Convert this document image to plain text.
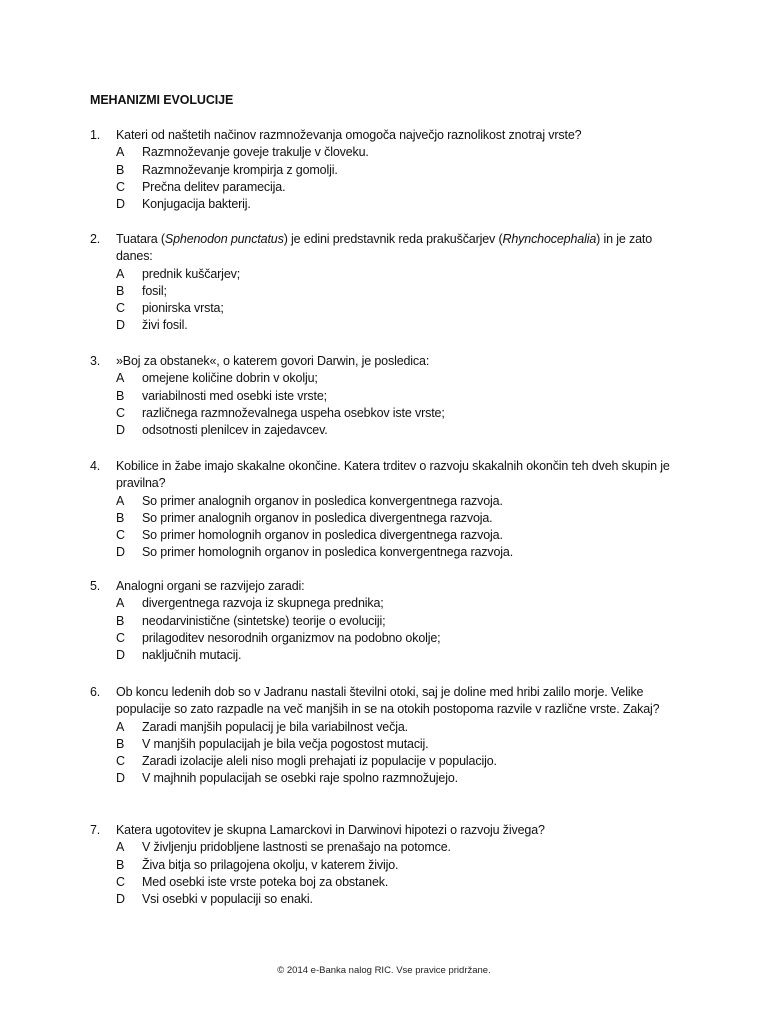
MEHANIZMI EVOLUCIJE
1. Kateri od naštetih načinov razmnoževanja omogoča največjo raznolikost znotraj vrste?
A Razmnoževanje goveje trakulje v človeku.
B Razmnoževanje krompirja z gomolji.
C Prečna delitev paramecija.
D Konjugacija bakterij.
2. Tuatara (Sphenodon punctatus) je edini predstavnik reda prakuščarjev (Rhynchocephalia) in je zato danes:
A prednik kuščarjev;
B fosil;
C pionirska vrsta;
D živi fosil.
3. »Boj za obstanek«, o katerem govori Darwin, je posledica:
A omejene količine dobrin v okolju;
B variabilnosti med osebki iste vrste;
C različnega razmnoževalnega uspeha osebkov iste vrste;
D odsotnosti plenilcev in zajedavcev.
4. Kobilice in žabe imajo skakalne okončine. Katera trditev o razvoju skakalnih okončin teh dveh skupin je pravilna?
A So primer analognih organov in posledica konvergentnega razvoja.
B So primer analognih organov in posledica divergentnega razvoja.
C So primer homolognih organov in posledica divergentnega razvoja.
D So primer homolognih organov in posledica konvergentnega razvoja.
5. Analogni organi se razvijejo zaradi:
A divergentnega razvoja iz skupnega prednika;
B neodarvinistične (sintetske) teorije o evoluciji;
C prilagoditev nesorodnih organizmov na podobno okolje;
D naključnih mutacij.
6. Ob koncu ledenih dob so v Jadranu nastali številni otoki, saj je doline med hribi zalilo morje. Velike populacije so zato razpadle na več manjših in se na otokih postopoma razvile v različne vrste. Zakaj?
A Zaradi manjših populacij je bila variabilnost večja.
B V manjših populacijah je bila večja pogostost mutacij.
C Zaradi izolacije aleli niso mogli prehajati iz populacije v populacijo.
D V majhnih populacijah se osebki raje spolno razmnožujejo.
7. Katera ugotovitev je skupna Lamarckovi in Darwinovi hipotezi o razvoju živega?
A V življenju pridobljene lastnosti se prenašajo na potomce.
B Živa bitja so prilagojena okolju, v katerem živijo.
C Med osebki iste vrste poteka boj za obstanek.
D Vsi osebki v populaciji so enaki.
© 2014 e-Banka nalog RIC. Vse pravice pridržane.
